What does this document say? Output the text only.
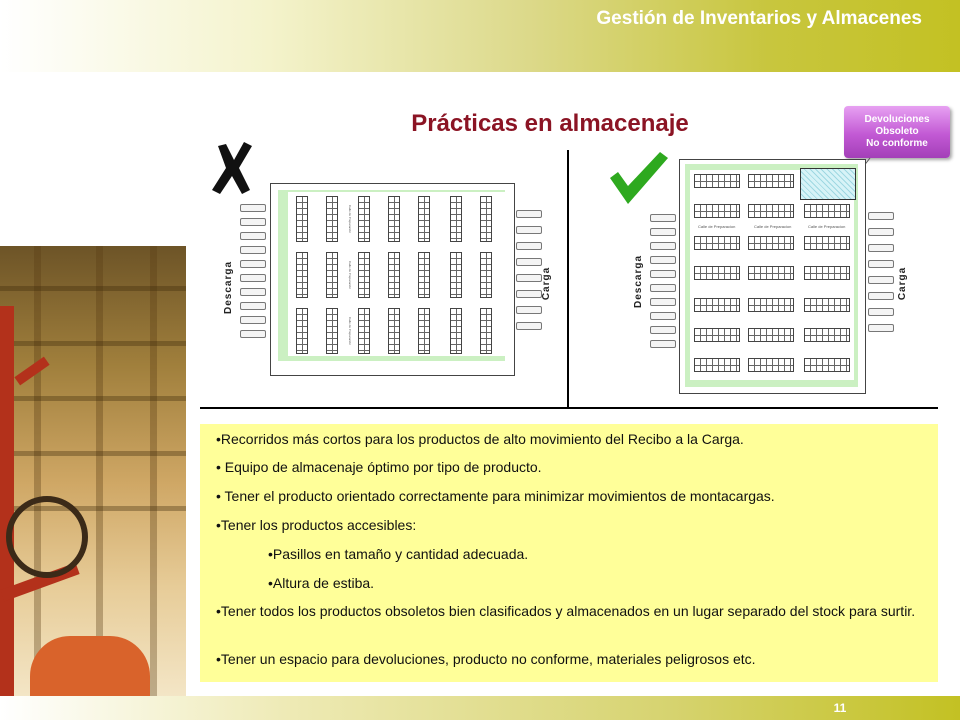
Gestión de Inventarios y Almacenes
Prácticas en almacenaje	Devoluciones
Obsoleto
No conforme
Descarga	Carga
Calle de Preparación
Calle de Preparación
Calle de Preparación
Descarga	Carga
Calle de Preparacion	Calle de Preparacion	Calle de Preparacion
•Recorridos más cortos para los productos de alto movimiento del Recibo a la Carga.
• Equipo de almacenaje óptimo por tipo de producto.
• Tener el producto orientado correctamente para minimizar movimientos de montacargas.
•Tener los productos accesibles:
•Pasillos en tamaño y cantidad adecuada.
•Altura de estiba.
•Tener todos los productos obsoletos bien clasificados y almacenados en un lugar separado del stock para surtir.
•Tener un espacio para devoluciones, producto no conforme, materiales peligrosos etc.
11
